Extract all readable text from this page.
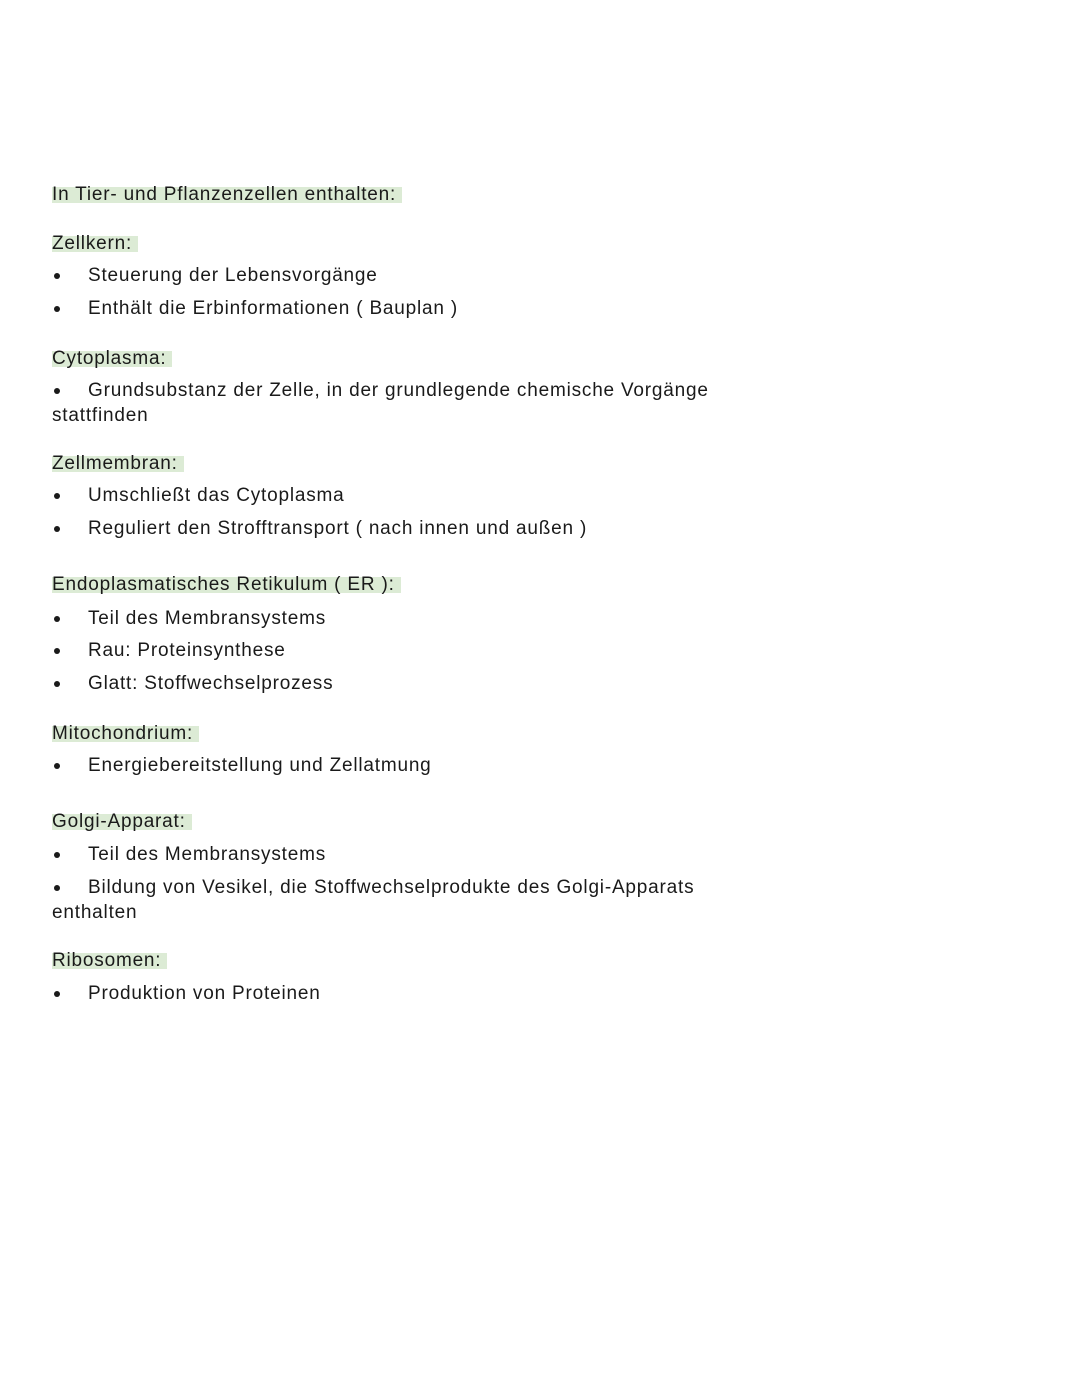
In Tier- und Pflanzenzellen enthalten:
Zellkern:
Steuerung der Lebensvorgänge
Enthält die Erbinformationen ( Bauplan )
Cytoplasma:
Grundsubstanz der Zelle, in der grundlegende chemische Vorgänge
stattfinden
Zellmembran:
Umschließt das Cytoplasma
Reguliert den Strofftransport ( nach innen und außen )
Endoplasmatisches Retikulum ( ER ):
Teil des Membransystems
Rau: Proteinsynthese
Glatt: Stoffwechselprozess
Mitochondrium:
Energiebereitstellung und Zellatmung
Golgi-Apparat:
Teil des Membransystems
Bildung von Vesikel, die Stoffwechselprodukte des Golgi-Apparats
enthalten
Ribosomen:
Produktion von Proteinen
